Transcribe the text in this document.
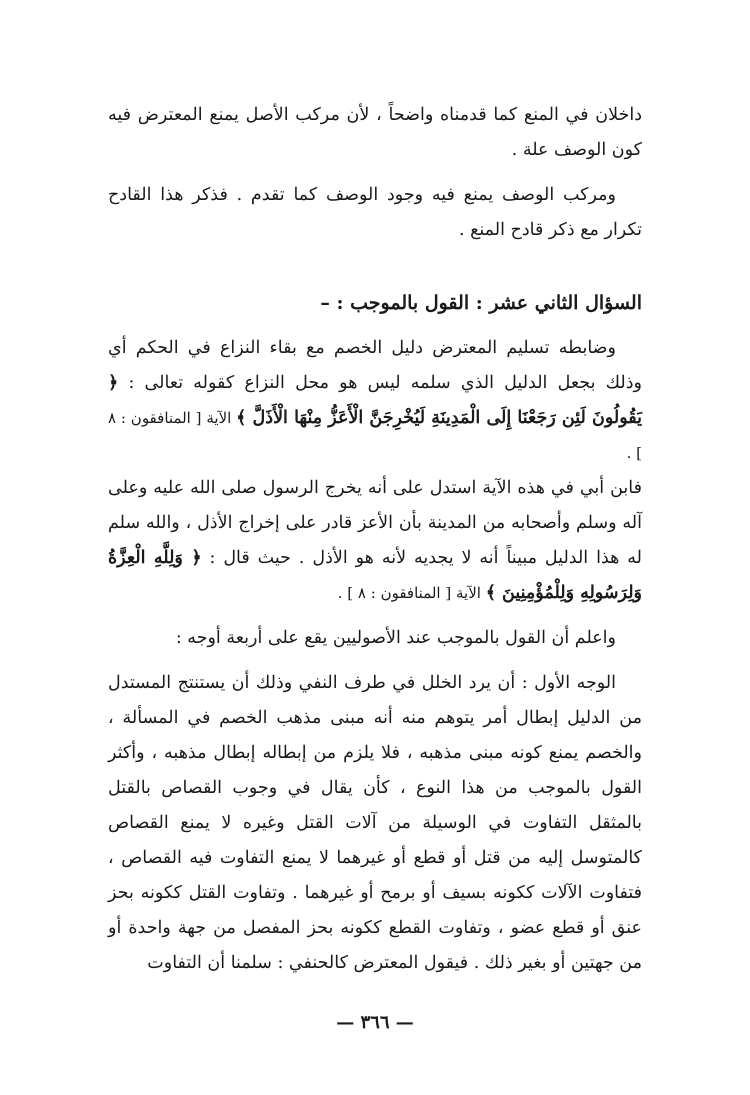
داخلان في المنع كما قدمناه واضحاً ، لأن مركب الأصل يمنع المعترض فيه كون الوصف علة .

ومركب الوصف يمنع فيه وجود الوصف كما تقدم . فذكر هذا القادح تكرار مع ذكر قادح المنع .

السؤال الثاني عشر : القول بالموجب : –

وضابطه تسليم المعترض دليل الخصم مع بقاء النزاع في الحكم أي وذلك بجعل الدليل الذي سلمه ليس هو محل النزاع كقوله تعالى : ﴿ يَقُولُونَ لَئِن رَجَعْنَا إِلَى الْمَدِينَةِ لَيُخْرِجَنَّ الْأَعَزُّ مِنْهَا الْأَذَلَّ ﴾ الآية [ المنافقون : ٨ ] .

فابن أبي في هذه الآية استدل على أنه يخرج الرسول صلى الله عليه وعلى آله وسلم وأصحابه من المدينة بأن الأعز قادر على إخراج الأذل ، والله سلم له هذا الدليل مبيناً أنه لا يجديه لأنه هو الأذل . حيث قال : ﴿ وَلِلَّهِ الْعِزَّةُ وَلِرَسُولِهِ وَلِلْمُؤْمِنِينَ ﴾ الآية [ المنافقون : ٨ ] .

واعلم أن القول بالموجب عند الأصوليين يقع على أربعة أوجه :

الوجه الأول : أن يرد الخلل في طرف النفي وذلك أن يستنتج المستدل من الدليل إبطال أمر يتوهم منه أنه مبنى مذهب الخصم في المسألة ، والخصم يمنع كونه مبنى مذهبه ، فلا يلزم من إبطاله إبطال مذهبه ، وأكثر القول بالموجب من هذا النوع ، كأن يقال في وجوب القصاص بالقتل بالمثقل التفاوت في الوسيلة من آلات القتل وغيره لا يمنع القصاص كالمتوسل إليه من قتل أو قطع أو غيرهما لا يمنع التفاوت فيه القصاص ، فتفاوت الآلات ككونه بسيف أو برمح أو غيرهما . وتفاوت القتل ككونه بحز عنق أو قطع عضو ، وتفاوت القطع ككونه بحز المفصل من جهة واحدة أو من جهتين أو بغير ذلك . فيقول المعترض كالحنفي : سلمنا أن التفاوت

— ٣٦٦ —
